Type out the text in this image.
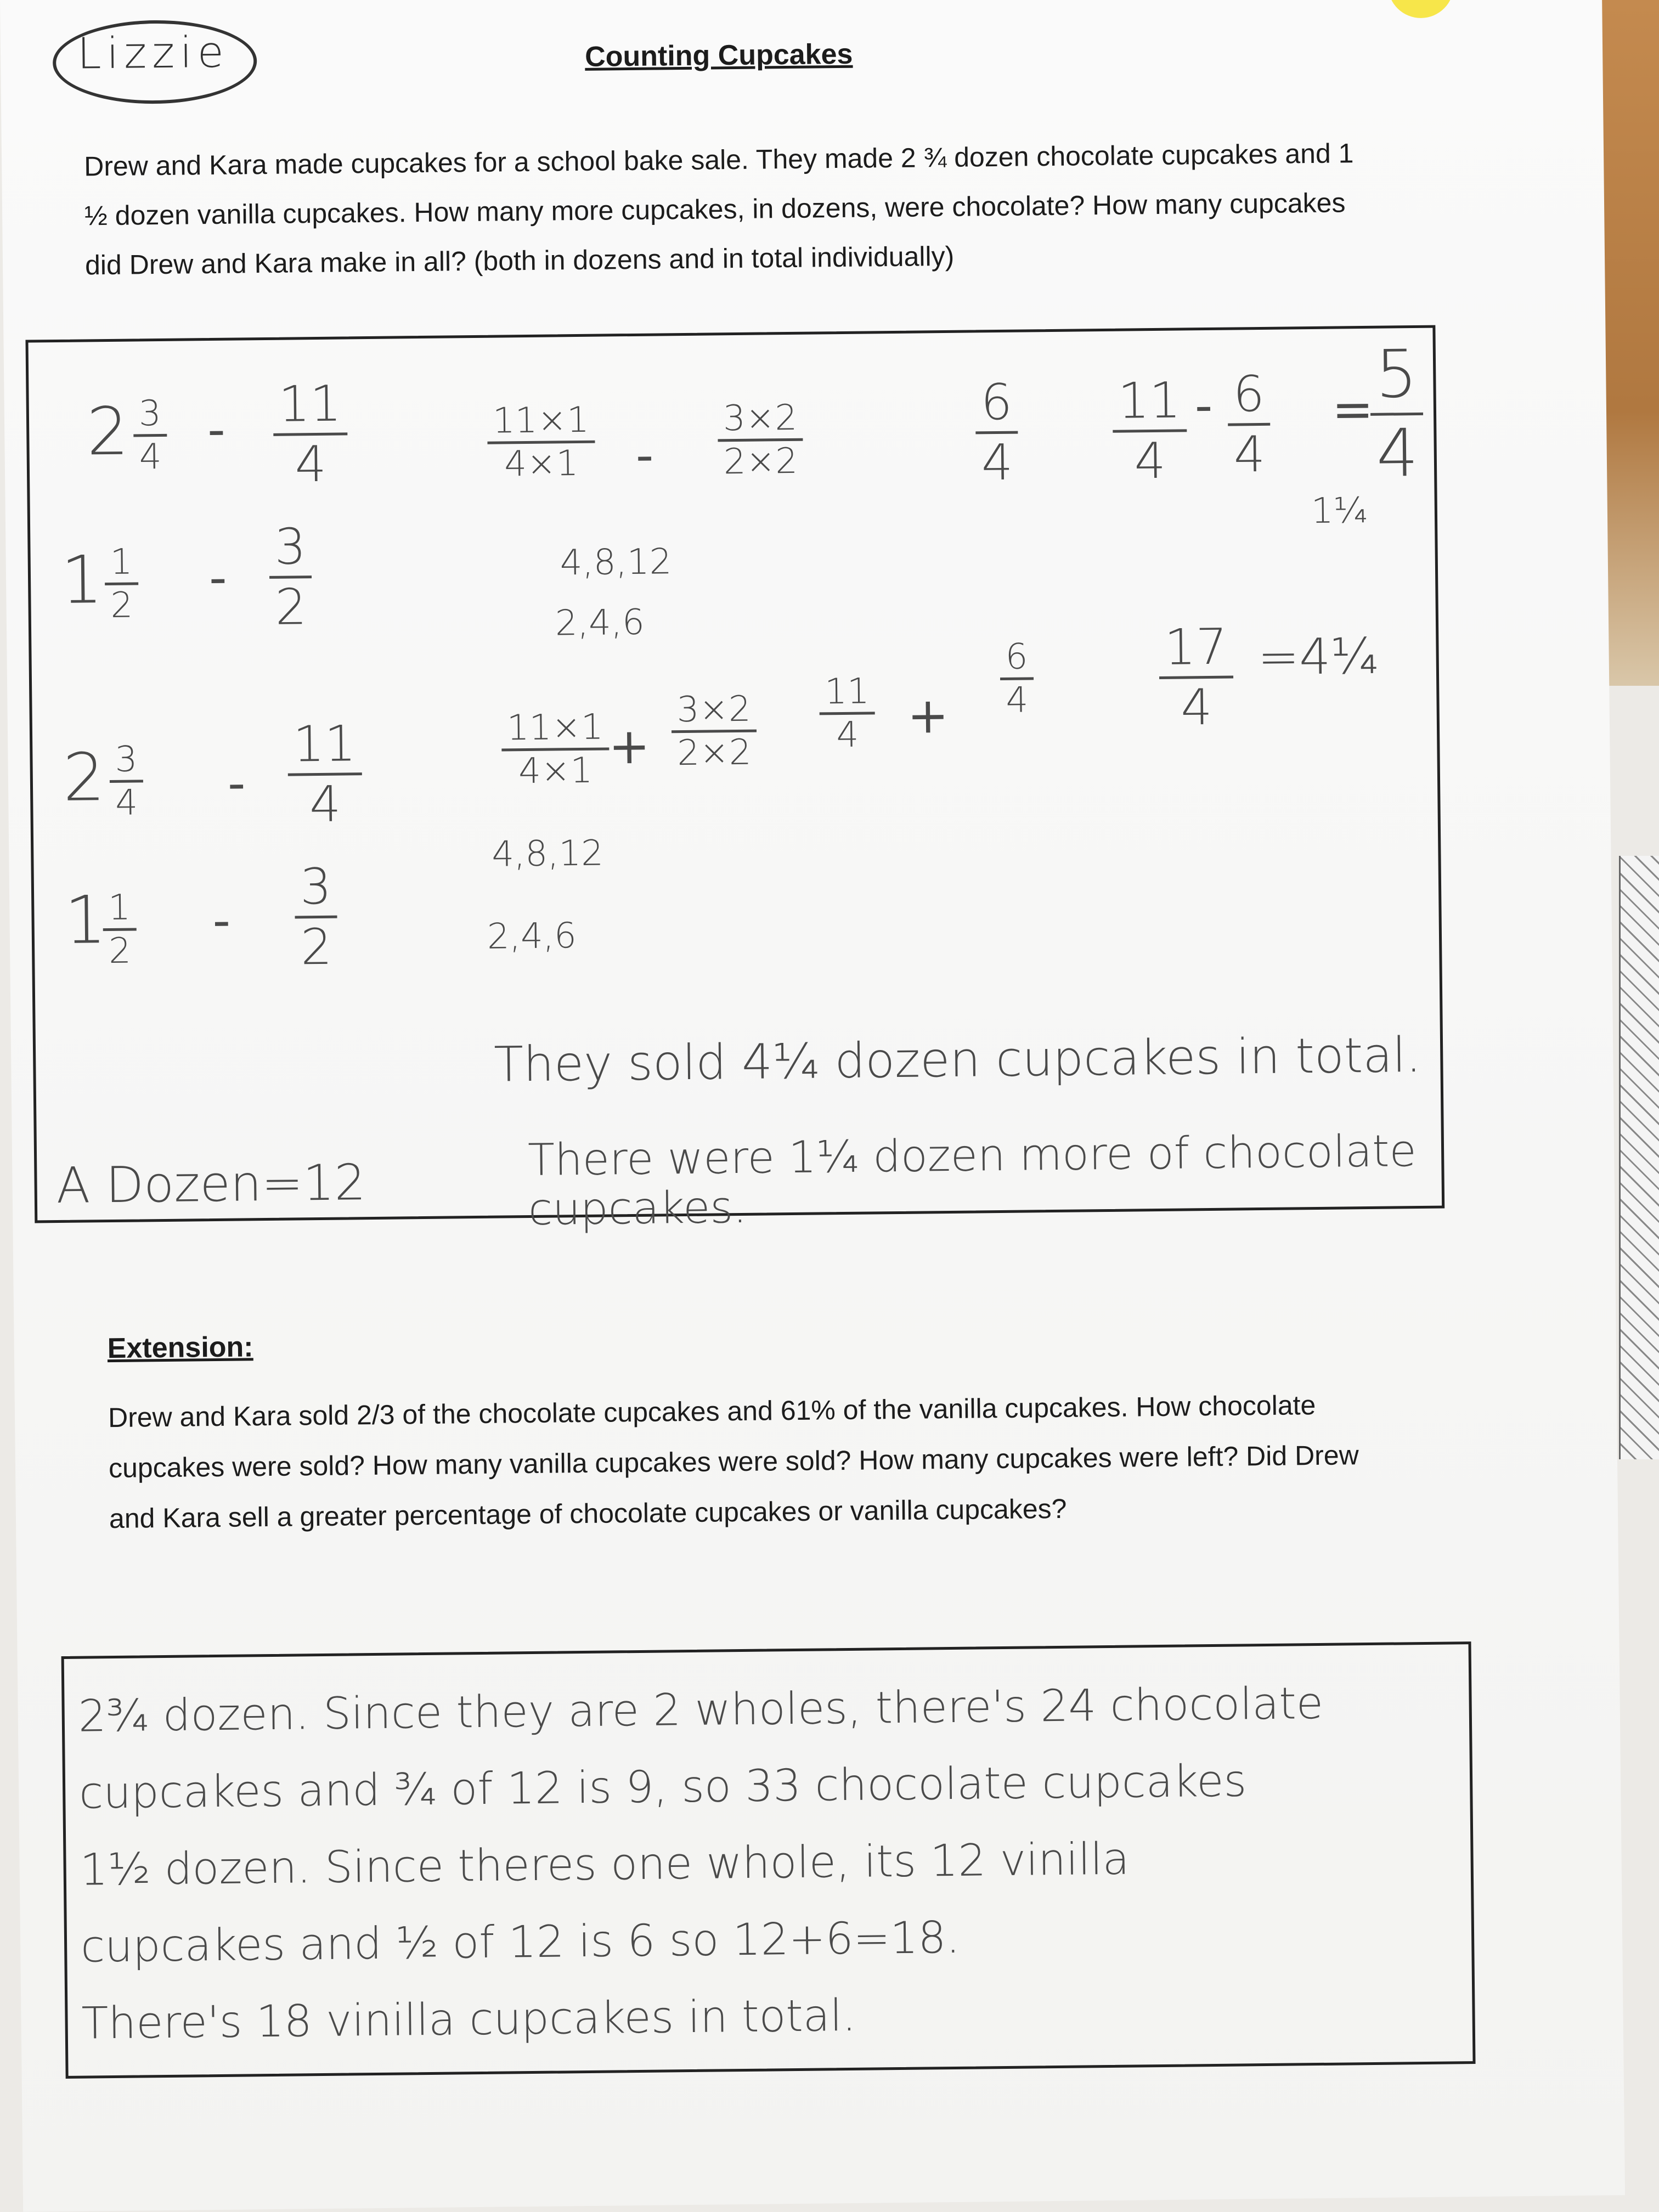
Lizzie	Counting Cupcakes
Drew and Kara made cupcakes for a school bake sale. They made 2 ¾ dozen chocolate cupcakes and 1 ½ dozen vanilla cupcakes. How many more cupcakes, in dozens, were chocolate? How many cupcakes did Drew and Kara make in all? (both in dozens and in total individually)
$2 \frac{3}{4} - \frac{11}{4}$
$1 \frac{1}{2} - \frac{3}{2}$
$\frac{11\times 1}{4\times 1} - \frac{3\times 2}{2\times 2}$
4,8,12
2,4,6
$\frac{6}{4} \frac{11}{4} - \frac{6}{4}$ =
$\frac{5}{4}$
1¼
$2 \frac{3}{4} - \frac{11}{4}$
1
$\frac{1}{2} - \frac{3}{2}$
$\frac{11\times 1}{4\times 1}$
+ $\frac{3\times 2}{2\times 2} \frac{11}{4} + \frac{6}{4}$	$\frac{17}{4}$ =4¼
4,8,12
2,4,6
They sold 4¼ dozen cupcakes in total.
There were 1¼ dozen more of chocolate cupcakes.
A Dozen=12
Extension:
Drew and Kara sold 2/3 of the chocolate cupcakes and 61% of the vanilla cupcakes. How chocolate cupcakes were sold? How many vanilla cupcakes were sold? How many cupcakes were left? Did Drew and Kara sell a greater percentage of chocolate cupcakes or vanilla cupcakes?
2¾ dozen. Since they are 2 wholes, there's 24 chocolate
cupcakes and ¾ of 12 is 9, so 33 chocolate cupcakes
1½ dozen. Since theres one whole, its 12 vinilla
cupcakes and ½ of 12 is 6 so 12+6=18.
There's 18 vinilla cupcakes in total.
